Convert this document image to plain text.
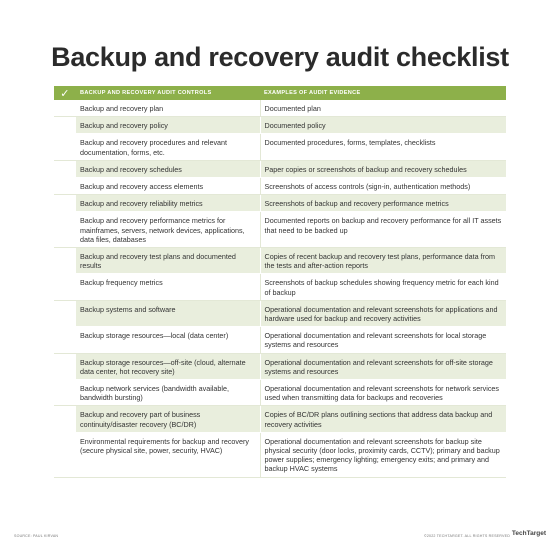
Backup and recovery audit checklist
✓	BACKUP AND RECOVERY AUDIT CONTROLS	EXAMPLES OF AUDIT EVIDENCE
	Backup and recovery plan	Documented plan
	Backup and recovery policy	Documented policy
	Backup and recovery procedures and relevant documentation, forms, etc.	Documented procedures, forms, templates, checklists
	Backup and recovery schedules	Paper copies or screenshots of backup and recovery schedules
	Backup and recovery access elements	Screenshots of access controls (sign-in, authentication methods)
	Backup and recovery reliability metrics	Screenshots of backup and recovery performance metrics
	Backup and recovery performance metrics for mainframes, servers, network devices, applications, data files, databases	Documented reports on backup and recovery performance for all IT assets that need to be backed up
	Backup and recovery test plans and documented results	Copies of recent backup and recovery test plans, performance data from the tests and after-action reports
	Backup frequency metrics	Screenshots of backup schedules showing frequency metric for each kind of backup
	Backup systems and software	Operational documentation and relevant screenshots for applications and hardware used for backup and recovery activities
	Backup storage resources—local (data center)	Operational documentation and relevant screenshots for local storage systems and resources
	Backup storage resources—off-site (cloud, alternate data center, hot recovery site)	Operational documentation and relevant screenshots for off-site storage systems and resources
	Backup network services (bandwidth available, bandwidth bursting)	Operational documentation and relevant screenshots for network services used when transmitting data for backups and recoveries
	Backup and recovery part of business continuity/disaster recovery (BC/DR)	Copies of BC/DR plans outlining sections that address data backup and recovery activities
	Environmental requirements for backup and recovery (secure physical site, power, security, HVAC)	Operational documentation and relevant screenshots for backup site physical security (door locks, proximity cards, CCTV); primary and backup power supplies; emergency lighting; emergency exits; and primary and backup HVAC systems
SOURCE: PAUL KIRVAN	©2022 TECHTARGET. ALL RIGHTS RESERVED TechTarget
